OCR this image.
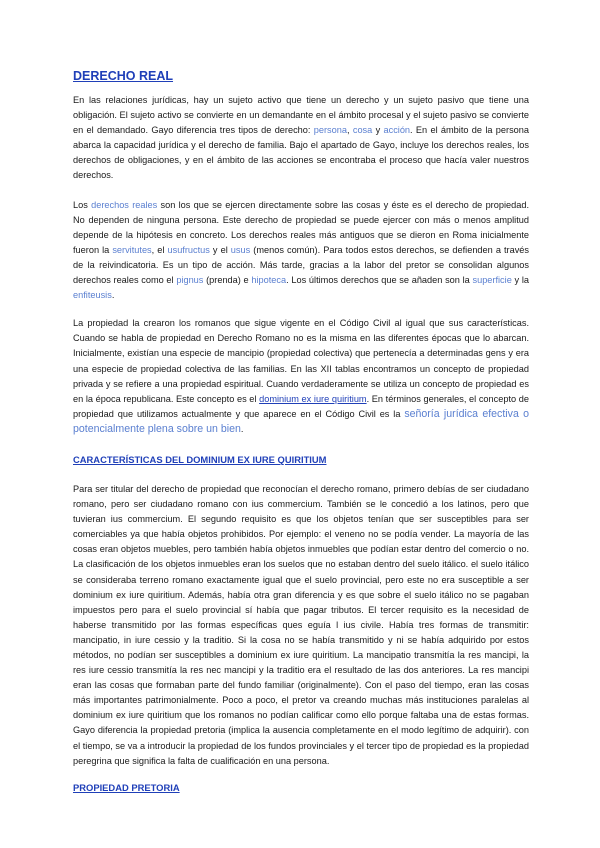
DERECHO REAL

En las relaciones jurídicas, hay un sujeto activo que tiene un derecho y un sujeto pasivo que tiene una obligación. El sujeto activo se convierte en un demandante en el ámbito procesal y el sujeto pasivo se convierte en el demandado. Gayo diferencia tres tipos de derecho: persona, cosa y acción. En el ámbito de la persona abarca la capacidad jurídica y el derecho de familia. Bajo el apartado de Gayo, incluye los derechos reales, los derechos de obligaciones, y en el ámbito de las acciones se encontraba el proceso que hacía valer nuestros derechos.

Los derechos reales son los que se ejercen directamente sobre las cosas y éste es el derecho de propiedad. No dependen de ninguna persona. Este derecho de propiedad se puede ejercer con más o menos amplitud depende de la hipótesis en concreto. Los derechos reales más antiguos que se dieron en Roma inicialmente fueron la servitutes, el usufructus y el usus (menos común). Para todos estos derechos, se defienden a través de la reivindicatoria. Es un tipo de acción. Más tarde, gracias a la labor del pretor se consolidan algunos derechos reales como el pignus (prenda) e hipoteca. Los últimos derechos que se añaden son la superficie y la enfiteusis.

La propiedad la crearon los romanos que sigue vigente en el Código Civil al igual que sus características. Cuando se habla de propiedad en Derecho Romano no es la misma en las diferentes épocas que lo abarcan. Inicialmente, existían una especie de mancipio (propiedad colectiva) que pertenecía a determinadas gens y era una especie de propiedad colectiva de las familias. En las XII tablas encontramos un concepto de propiedad privada y se refiere a una propiedad espiritual. Cuando verdaderamente se utiliza un concepto de propiedad es en la época republicana. Este concepto es el dominium ex iure quiritium. En términos generales, el concepto de propiedad que utilizamos actualmente y que aparece en el Código Civil es la señoría jurídica efectiva o potencialmente plena sobre un bien.

CARACTERÍSTICAS DEL DOMINIUM EX IURE QUIRITIUM

Para ser titular del derecho de propiedad que reconocían el derecho romano, primero debías de ser ciudadano romano, pero ser ciudadano romano con ius commercium. También se le concedió a los latinos, pero que tuvieran ius commercium. El segundo requisito es que los objetos tenían que ser susceptibles para ser comerciables ya que había objetos prohibidos. Por ejemplo: el veneno no se podía vender. La mayoría de las cosas eran objetos muebles, pero también había objetos inmuebles que podían estar dentro del comercio o no. La clasificación de los objetos inmuebles eran los suelos que no estaban dentro del suelo itálico. el suelo itálico se consideraba terreno romano exactamente igual que el suelo provincial, pero este no era susceptible a ser dominium ex iure quiritium. Además, había otra gran diferencia y es que sobre el suelo itálico no se pagaban impuestos pero para el suelo provincial sí había que pagar tributos. El tercer requisito es la necesidad de haberse transmitido por las formas específicas ques eguía l ius civile. Había tres formas de transmitir: mancipatio, in iure cessio y la traditio. Si la cosa no se había transmitido y ni se había adquirido por estos métodos, no podían ser susceptibles a dominium ex iure quiritium. La mancipatio transmitía la res mancipi, la res iure cessio transmitía la res nec mancipi y la traditio era el resultado de las dos anteriores. La res mancipi eran las cosas que formaban parte del fundo familiar (originalmente). Con el paso del tiempo, eran las cosas más importantes patrimonialmente. Poco a poco, el pretor va creando muchas más instituciones paralelas al dominium ex iure quiritium que los romanos no podían calificar como ello porque faltaba una de estas formas. Gayo diferencia la propiedad pretoria (implica la ausencia completamente en el modo legítimo de adquirir). con el tiempo, se va a introducir la propiedad de los fundos provinciales y el tercer tipo de propiedad es la propiedad peregrina que significa la falta de cualificación en una persona.

PROPIEDAD PRETORIA
